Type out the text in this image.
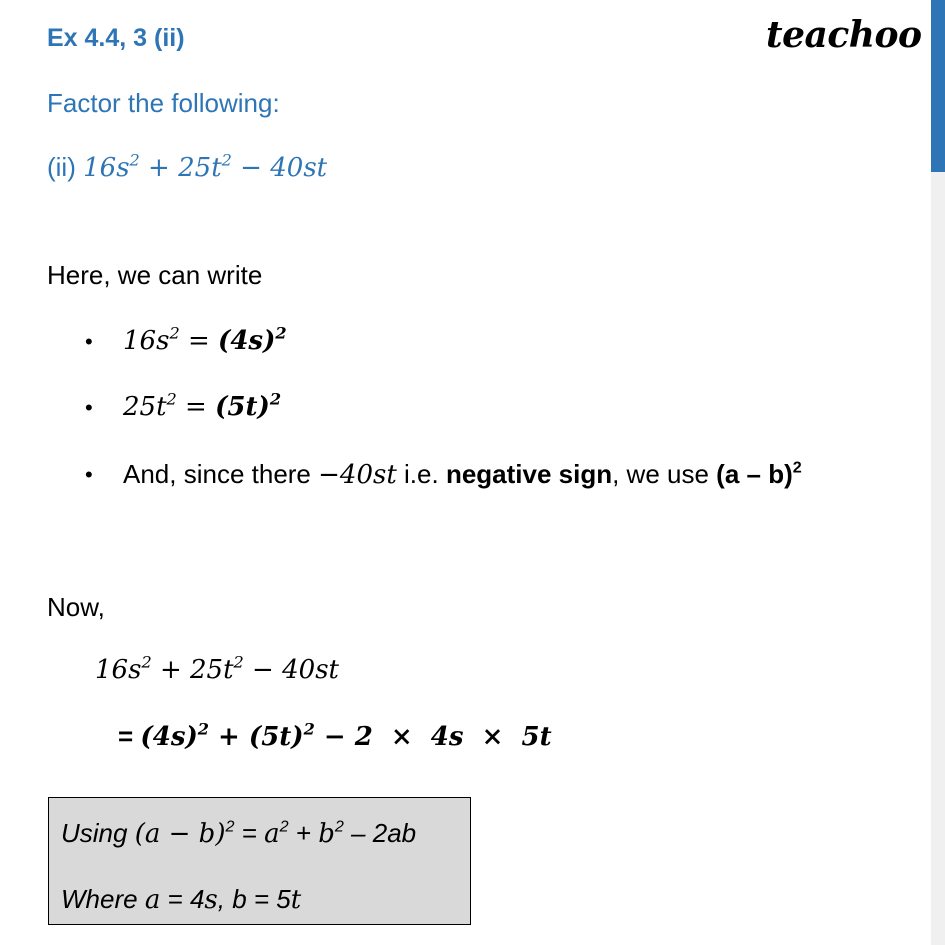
Ex 4.4, 3 (ii)	teachoo
Factor the following:
(ii) $16s^2 + 25t^2 - 40st$
Here, we can write
• $16s^2 = (4s)^2$
• $25t^2 = (5t)^2$
• And, since there −40st i.e. negative sign, we use (a – b)$^2$
Now,
$16s^2 + 25t^2 - 40st$
= $(4s)^2 + (5t)^2 - 2 \times 4s \times 5t$
Using $(a - b)^2 = a^2 + b^2 - 2ab$
Where a = 4s, b = 5t
